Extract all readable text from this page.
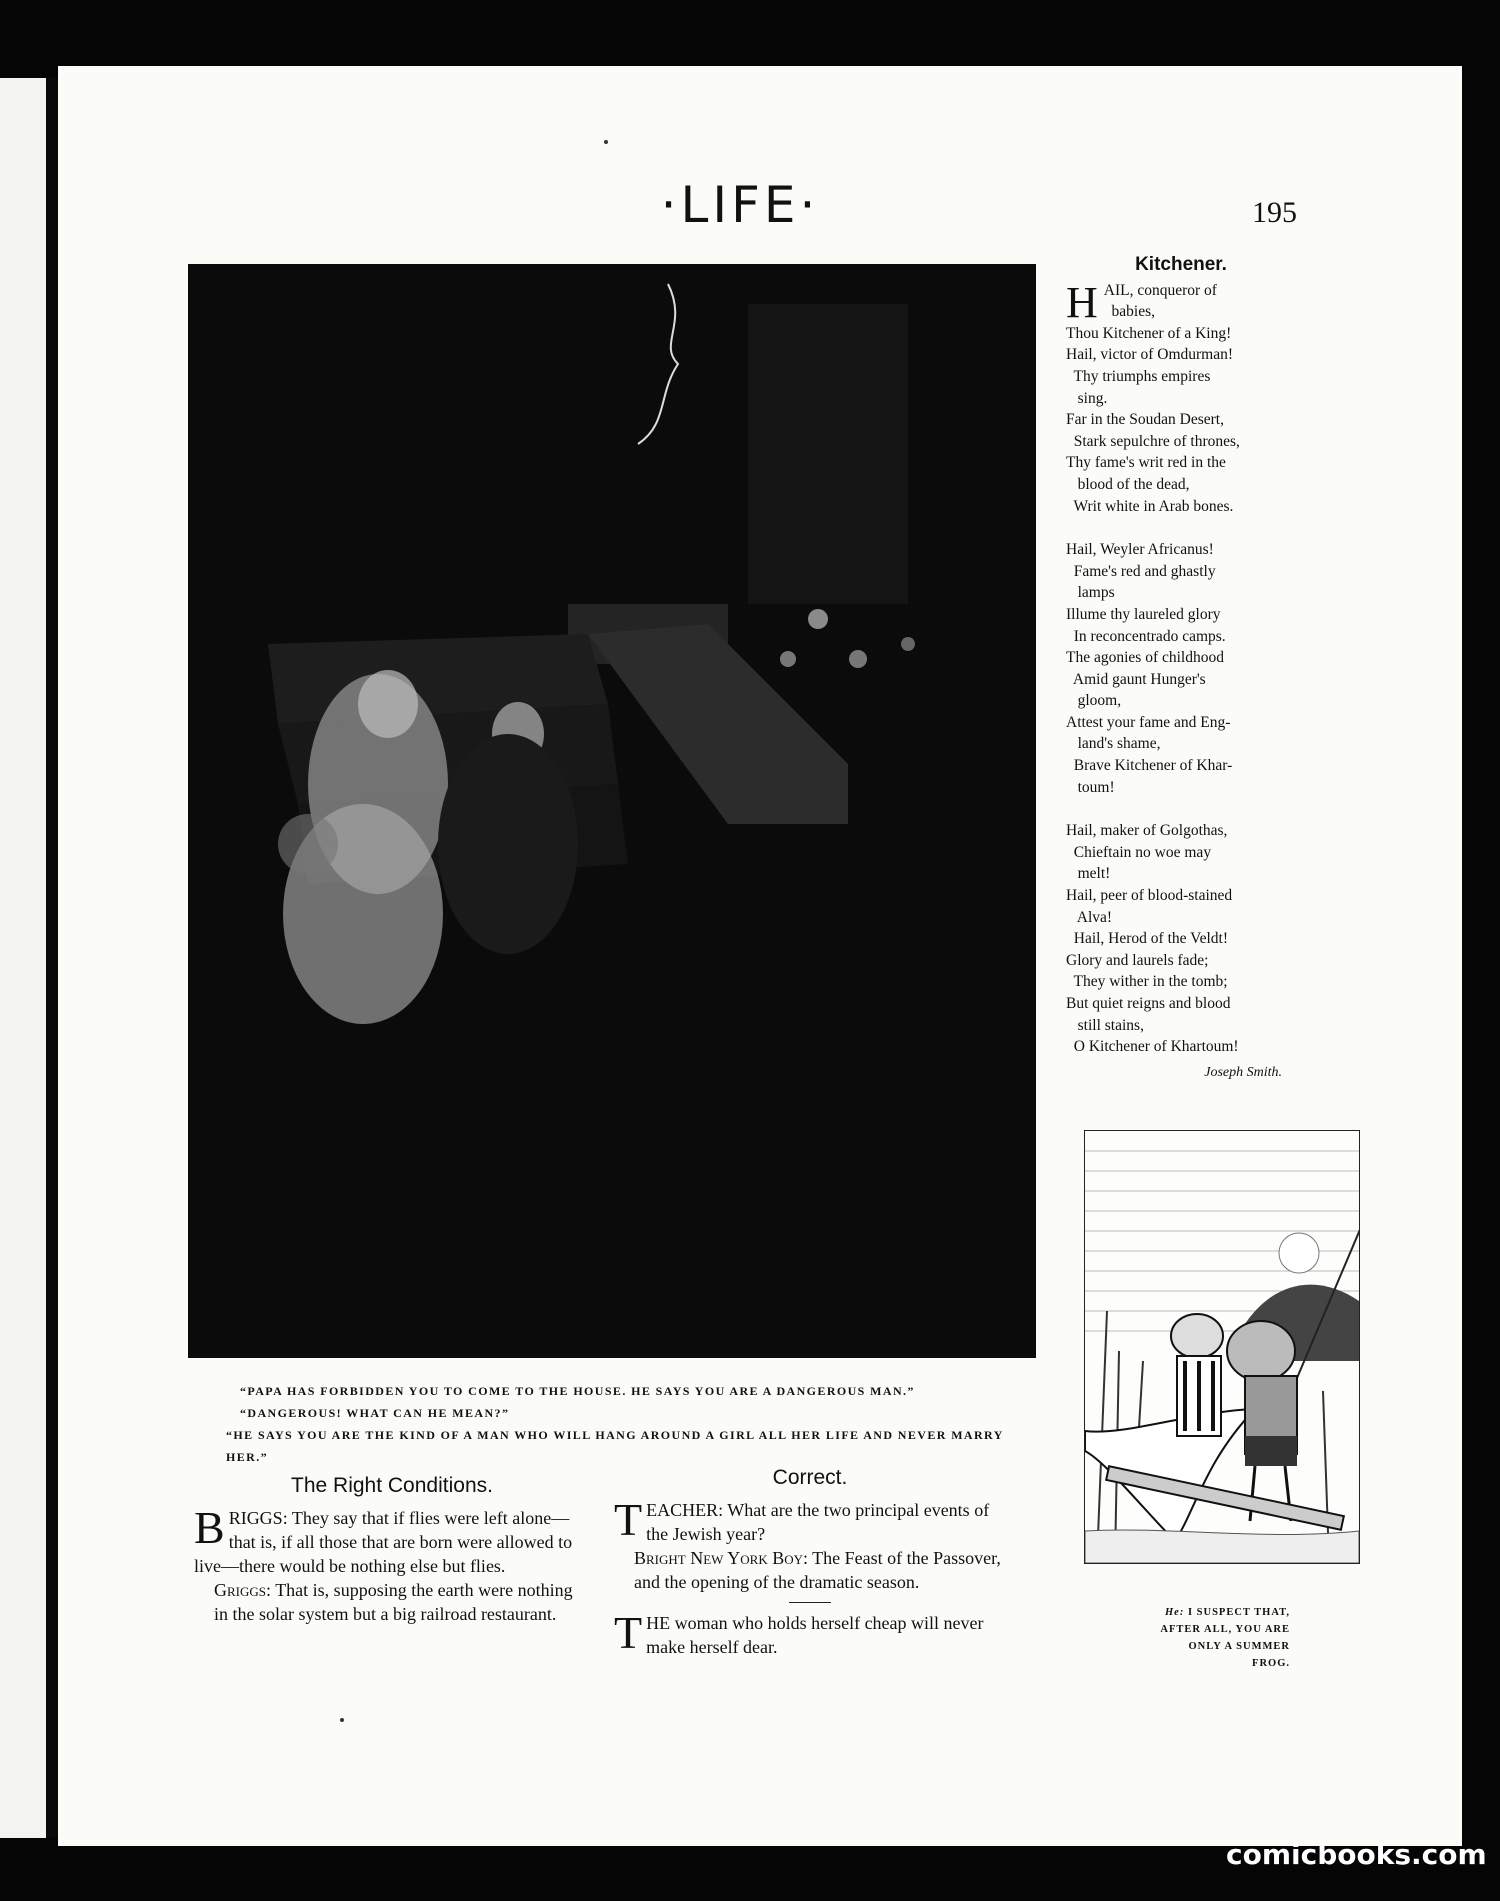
·LIFE·	195

“PAPA HAS FORBIDDEN YOU TO COME TO THE HOUSE. HE SAYS YOU ARE A DANGEROUS MAN.”

“DANGEROUS! WHAT CAN HE MEAN?”

“HE SAYS YOU ARE THE KIND OF A MAN WHO WILL HANG AROUND A GIRL ALL HER LIFE AND NEVER MARRY HER.”

Kitchener.
H AIL, conqueror of
babies,
Thou Kitchener of a King!
Hail, victor of Omdurman!
Thy triumphs empires
sing.
Far in the Soudan Desert,
Stark sepulchre of thrones,
Thy fame's writ red in the
blood of the dead,
Writ white in Arab bones.
Hail, Weyler Africanus!
Fame's red and ghastly
lamps
Illume thy laureled glory
In reconcentrado camps.
The agonies of childhood
Amid gaunt Hunger's
gloom,
Attest your fame and Eng-
land's shame,
Brave Kitchener of Khar-
toum!
Hail, maker of Golgothas,
Chieftain no woe may
melt!
Hail, peer of blood-stained
Alva!
Hail, Herod of the Veldt!
Glory and laurels fade;
They wither in the tomb;
But quiet reigns and blood
still stains,
O Kitchener of Khartoum!
Joseph Smith.
He: I SUSPECT THAT, AFTER ALL, YOU ARE ONLY A SUMMER FROG.
The Right Conditions.

BRIGGS: They say that if flies were left alone—that is, if all those that are born were allowed to live—there would be nothing else but flies.

Griggs: That is, supposing the earth were nothing in the solar system but a big railroad restaurant.

Correct.

TEACHER: What are the two principal events of the Jewish year?

Bright New York Boy: The Feast of the Passover, and the opening of the dramatic season.

THE woman who holds herself cheap will never make herself dear.

comicbooks.com
